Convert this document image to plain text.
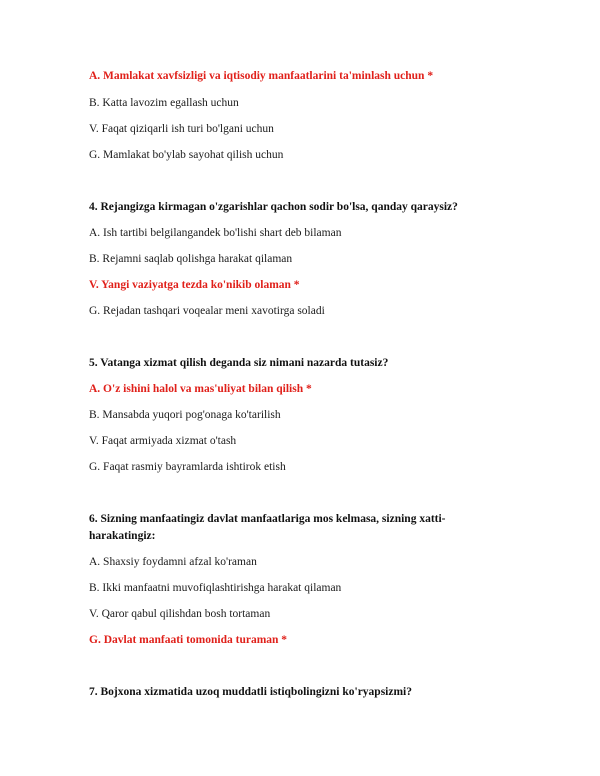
A. Mamlakat xavfsizligi va iqtisodiy manfaatlarini ta'minlash uchun *
B. Katta lavozim egallash uchun
V. Faqat qiziqarli ish turi bo'lgani uchun
G. Mamlakat bo'ylab sayohat qilish uchun
4. Rejangizga kirmagan o'zgarishlar qachon sodir bo'lsa, qanday qaraysiz?
A. Ish tartibi belgilangandek bo'lishi shart deb bilaman
B. Rejamni saqlab qolishga harakat qilaman
V. Yangi vaziyatga tezda ko'nikib olaman *
G. Rejadan tashqari voqealar meni xavotirga soladi
5. Vatanga xizmat qilish deganda siz nimani nazarda tutasiz?
A. O'z ishini halol va mas'uliyat bilan qilish *
B. Mansabda yuqori pog'onaga ko'tarilish
V. Faqat armiyada xizmat o'tash
G. Faqat rasmiy bayramlarda ishtirok etish
6. Sizning manfaatingiz davlat manfaatlariga mos kelmasa, sizning xatti-
harakatingiz:
A. Shaxsiy foydamni afzal ko'raman
B. Ikki manfaatni muvofiqlashtirishga harakat qilaman
V. Qaror qabul qilishdan bosh tortaman
G. Davlat manfaati tomonida turaman *
7. Bojxona xizmatida uzoq muddatli istiqbolingizni ko'ryapsizmi?
